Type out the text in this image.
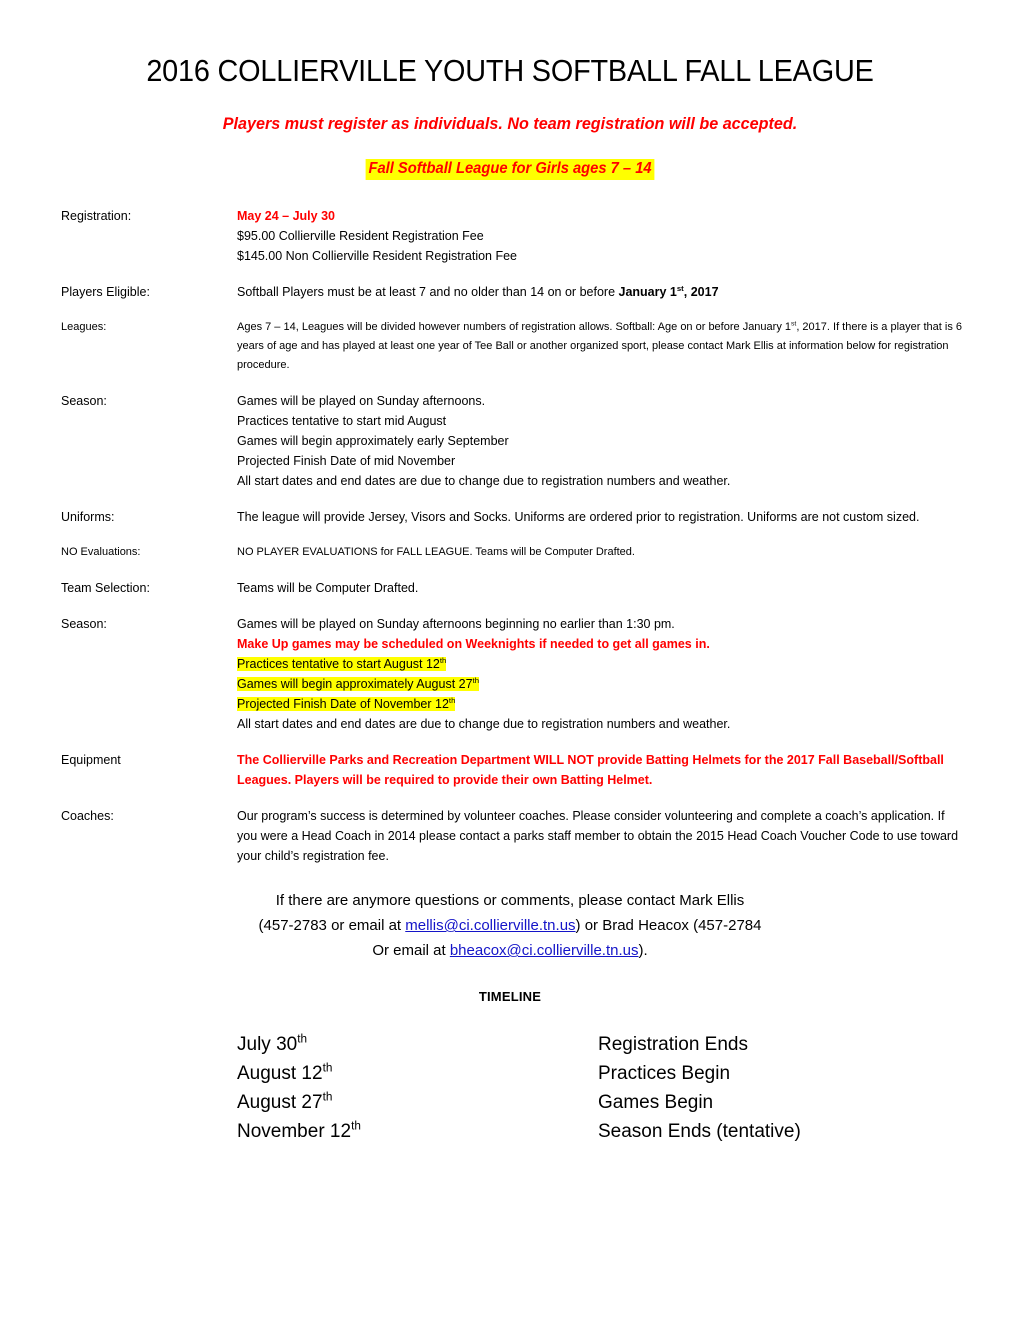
2016 COLLIERVILLE YOUTH SOFTBALL FALL LEAGUE

Players must register as individuals. No team registration will be accepted.

Fall Softball League for Girls ages 7 – 14
Registration:	May 24 – July 30
$95.00 Collierville Resident Registration Fee
$145.00 Non Collierville Resident Registration Fee
Players Eligible:	Softball Players must be at least 7 and no older than 14 on or before January 1st, 2017
Leagues:	Ages 7 – 14, Leagues will be divided however numbers of registration allows. Softball: Age on or before January 1st, 2017. If there is a player that is 6 years of age and has played at least one year of Tee Ball or another organized sport, please contact Mark Ellis at information below for registration procedure.
Season:	Games will be played on Sunday afternoons.
Practices tentative to start mid August
Games will begin approximately early September
Projected Finish Date of mid November
All start dates and end dates are due to change due to registration numbers and weather.
Uniforms:	The league will provide Jersey, Visors and Socks. Uniforms are ordered prior to registration. Uniforms are not custom sized.
NO Evaluations:	NO PLAYER EVALUATIONS for FALL LEAGUE. Teams will be Computer Drafted.
Team Selection:	Teams will be Computer Drafted.
Season:	Games will be played on Sunday afternoons beginning no earlier than 1:30 pm.
Make Up games may be scheduled on Weeknights if needed to get all games in.
Practices tentative to start August 12th
Games will begin approximately August 27th
Projected Finish Date of November 12th
All start dates and end dates are due to change due to registration numbers and weather.
Equipment	The Collierville Parks and Recreation Department WILL NOT provide Batting Helmets for the 2017 Fall Baseball/Softball Leagues. Players will be required to provide their own Batting Helmet.
Coaches:	Our program’s success is determined by volunteer coaches. Please consider volunteering and complete a coach’s application. If you were a Head Coach in 2014 please contact a parks staff member to obtain the 2015 Head Coach Voucher Code to use toward your child’s registration fee.
If there are anymore questions or comments, please contact Mark Ellis
(457-2783 or email at mellis@ci.collierville.tn.us) or Brad Heacox (457-2784
Or email at bheacox@ci.collierville.tn.us).
TIMELINE
July 30th	Registration Ends
August 12th	Practices Begin
August 27th	Games Begin
November 12th	Season Ends (tentative)
